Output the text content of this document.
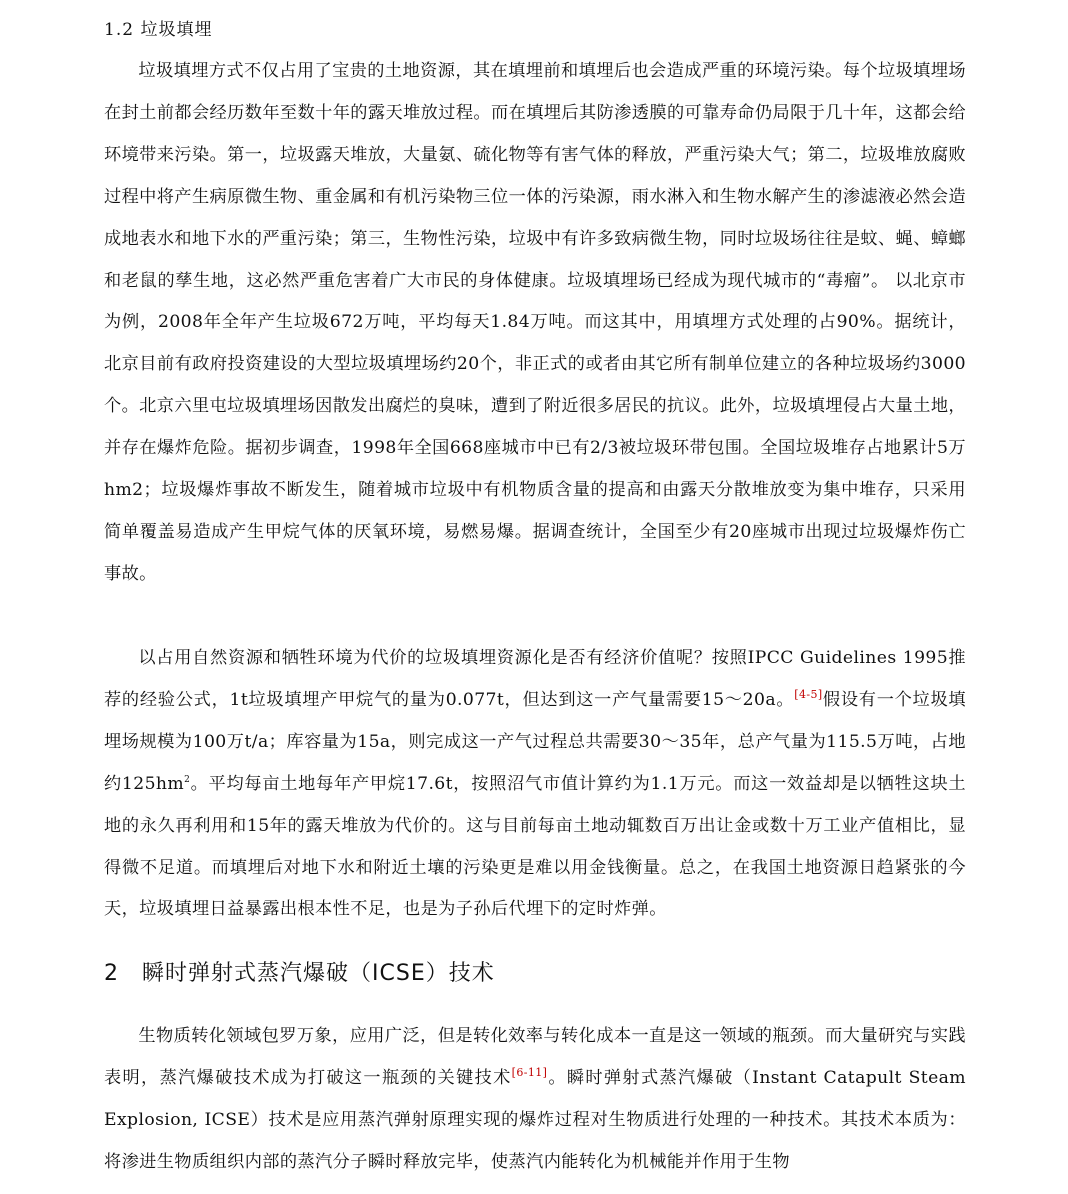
1.2 垃圾填埋

垃圾填埋方式不仅占用了宝贵的土地资源，其在填埋前和填埋后也会造成严重的环境污染。每个垃圾填埋场在封土前都会经历数年至数十年的露天堆放过程。而在填埋后其防渗透膜的可靠寿命仍局限于几十年，这都会给环境带来污染。第一，垃圾露天堆放，大量氨、硫化物等有害气体的释放，严重污染大气；第二，垃圾堆放腐败过程中将产生病原微生物、重金属和有机污染物三位一体的污染源，雨水淋入和生物水解产生的渗滤液必然会造成地表水和地下水的严重污染；第三，生物性污染，垃圾中有许多致病微生物，同时垃圾场往往是蚊、蝇、蟑螂和老鼠的孳生地，这必然严重危害着广大市民的身体健康。垃圾填埋场已经成为现代城市的“毒瘤”。 以北京市为例，2008年全年产生垃圾672万吨，平均每天1.84万吨。而这其中，用填埋方式处理的占90%。据统计，北京目前有政府投资建设的大型垃圾填埋场约20个，非正式的或者由其它所有制单位建立的各种垃圾场约3000个。北京六里屯垃圾填埋场因散发出腐烂的臭味，遭到了附近很多居民的抗议。此外，垃圾填埋侵占大量土地，并存在爆炸危险。据初步调查，1998年全国668座城市中已有2/3被垃圾环带包围。全国垃圾堆存占地累计5万hm2；垃圾爆炸事故不断发生，随着城市垃圾中有机物质含量的提高和由露天分散堆放变为集中堆存，只采用简单覆盖易造成产生甲烷气体的厌氧环境，易燃易爆。据调查统计，全国至少有20座城市出现过垃圾爆炸伤亡事故。

以占用自然资源和牺牲环境为代价的垃圾填埋资源化是否有经济价值呢？按照IPCC Guidelines 1995推荐的经验公式，1t垃圾填埋产甲烷气的量为0.077t，但达到这一产气量需要15～20a。[4-5]假设有一个垃圾填埋场规模为100万t/a；库容量为15a，则完成这一产气过程总共需要30～35年，总产气量为115.5万吨，占地约$125hm^2$。平均每亩土地每年产甲烷17.6t，按照沼气市值计算约为1.1万元。而这一效益却是以牺牲这块土地的永久再利用和15年的露天堆放为代价的。这与目前每亩土地动辄数百万出让金或数十万工业产值相比，显得微不足道。而填埋后对地下水和附近土壤的污染更是难以用金钱衡量。总之，在我国土地资源日趋紧张的今天，垃圾填埋日益暴露出根本性不足，也是为子孙后代埋下的定时炸弹。

2 瞬时弹射式蒸汽爆破（ICSE）技术

生物质转化领域包罗万象，应用广泛，但是转化效率与转化成本一直是这一领域的瓶颈。而大量研究与实践表明，蒸汽爆破技术成为打破这一瓶颈的关键技术[6-11]。瞬时弹射式蒸汽爆破（Instant Catapult Steam Explosion, ICSE）技术是应用蒸汽弹射原理实现的爆炸过程对生物质进行处理的一种技术。其技术本质为：将渗进生物质组织内部的蒸汽分子瞬时释放完毕，使蒸汽内能转化为机械能并作用于生物
